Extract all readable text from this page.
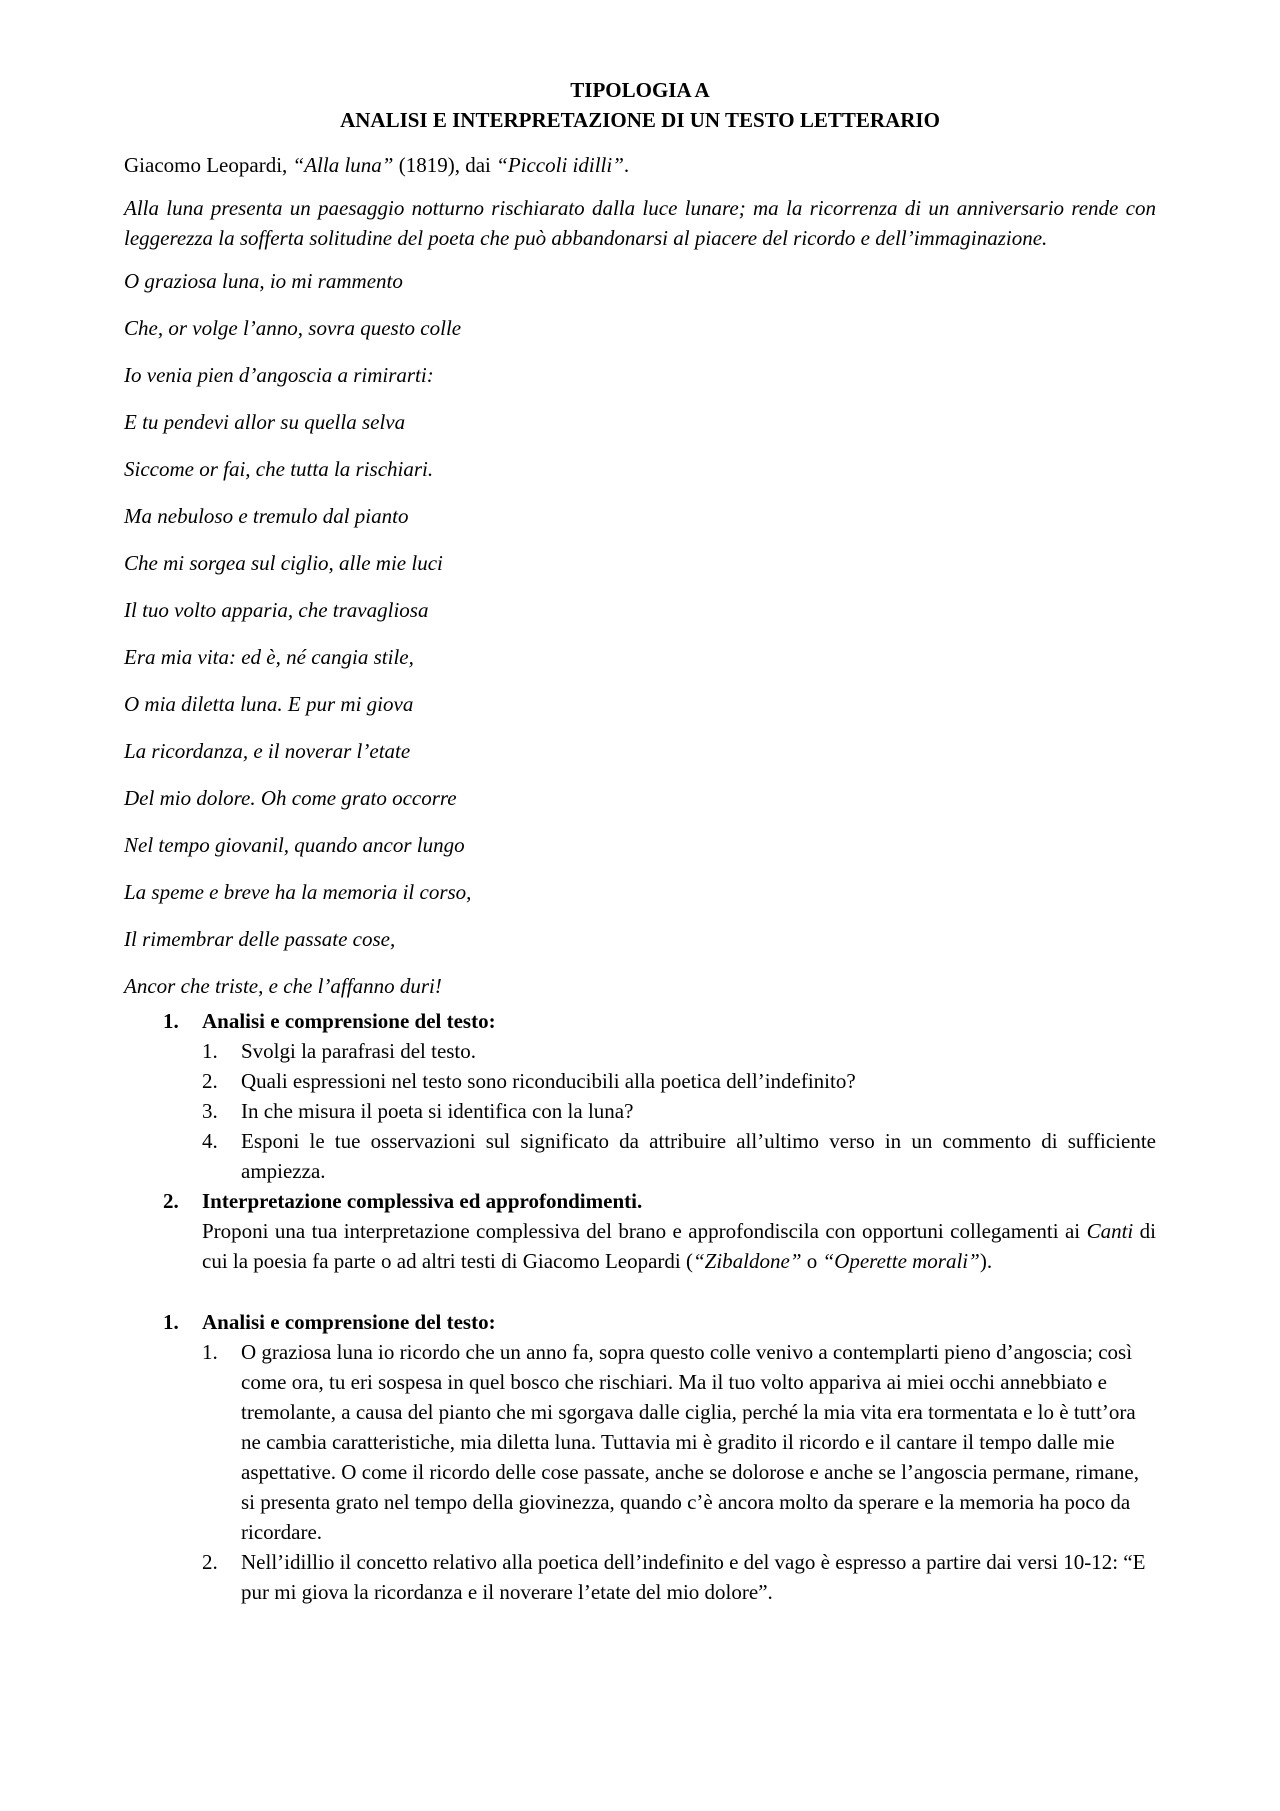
TIPOLOGIA A

ANALISI E INTERPRETAZIONE DI UN TESTO LETTERARIO

Giacomo Leopardi, “Alla luna” (1819), dai “Piccoli idilli”.

Alla luna presenta un paesaggio notturno rischiarato dalla luce lunare; ma la ricorrenza di un anniversario rende con leggerezza la sofferta solitudine del poeta che può abbandonarsi al piacere del ricordo e dell’immaginazione.

O graziosa luna, io mi rammento

Che, or volge l’anno, sovra questo colle

Io venia pien d’angoscia a rimirarti:

E tu pendevi allor su quella selva

Siccome or fai, che tutta la rischiari.

Ma nebuloso e tremulo dal pianto

Che mi sorgea sul ciglio, alle mie luci

Il tuo volto apparia, che travagliosa

Era mia vita: ed è, né cangia stile,

O mia diletta luna. E pur mi giova

La ricordanza, e il noverar l’etate

Del mio dolore. Oh come grato occorre

Nel tempo giovanil, quando ancor lungo

La speme e breve ha la memoria il corso,

Il rimembrar delle passate cose,

Ancor che triste, e che l’affanno duri!

1. Analisi e comprensione del testo:
1. Svolgi la parafrasi del testo.
2. Quali espressioni nel testo sono riconducibili alla poetica dell’indefinito?
3. In che misura il poeta si identifica con la luna?
4. Esponi le tue osservazioni sul significato da attribuire all’ultimo verso in un commento di sufficiente ampiezza.
2. Interpretazione complessiva ed approfondimenti.
Proponi una tua interpretazione complessiva del brano e approfondiscila con opportuni collegamenti ai Canti di cui la poesia fa parte o ad altri testi di Giacomo Leopardi (“Zibaldone” o “Operette morali”).
1. Analisi e comprensione del testo:
1. O graziosa luna io ricordo che un anno fa, sopra questo colle venivo a contemplarti pieno d’angoscia; così come ora, tu eri sospesa in quel bosco che rischiari. Ma il tuo volto appariva ai miei occhi annebbiato e tremolante, a causa del pianto che mi sgorgava dalle ciglia, perché la mia vita era tormentata e lo è tutt’ora ne cambia caratteristiche, mia diletta luna. Tuttavia mi è gradito il ricordo e il cantare il tempo dalle mie aspettative. O come il ricordo delle cose passate, anche se dolorose e anche se l’angoscia permane, rimane, si presenta grato nel tempo della giovinezza, quando c’è ancora molto da sperare e la memoria ha poco da ricordare.
2. Nell’idillio il concetto relativo alla poetica dell’indefinito e del vago è espresso a partire dai versi 10-12: “E pur mi giova la ricordanza e il noverare l’etate del mio dolore”.
